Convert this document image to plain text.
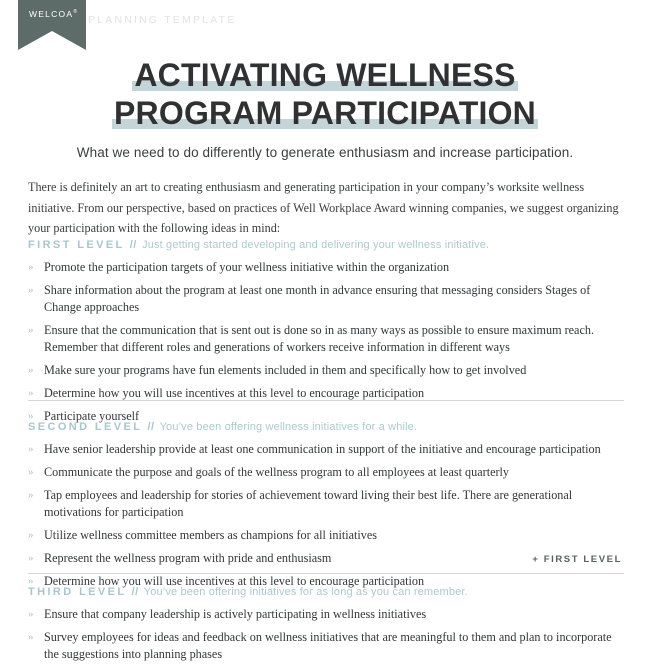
WELCOA®
PLANNING TEMPLATE
ACTIVATING WELLNESS

PROGRAM PARTICIPATION
What we need to do differently to generate enthusiasm and increase participation.
There is definitely an art to creating enthusiasm and generating participation in your company’s worksite wellness initiative. From our perspective, based on practices of Well Workplace Award winning companies, we suggest organizing your participation with the following ideas in mind:
FIRST LEVEL // Just getting started developing and delivering your wellness initiative.
» Promote the participation targets of your wellness initiative within the organization
» Share information about the program at least one month in advance ensuring that messaging considers Stages of Change approaches
» Ensure that the communication that is sent out is done so in as many ways as possible to ensure maximum reach. Remember that different roles and generations of workers receive information in different ways
» Make sure your programs have fun elements included in them and specifically how to get involved
» Determine how you will use incentives at this level to encourage participation
» Participate yourself
SECOND LEVEL // You’ve been offering wellness initiatives for a while.
» Have senior leadership provide at least one communication in support of the initiative and encourage participation
» Communicate the purpose and goals of the wellness program to all employees at least quarterly
» Tap employees and leadership for stories of achievement toward living their best life. There are generational motivations for participation
» Utilize wellness committee members as champions for all initiatives
» Represent the wellness program with pride and enthusiasm
» Determine how you will use incentives at this level to encourage participation
THIRD LEVEL // You’ve been offering initiatives for as long as you can remember.
» Ensure that company leadership is actively participating in wellness initiatives
» Survey employees for ideas and feedback on wellness initiatives that are meaningful to them and plan to incorporate the suggestions into planning phases
+ FIRST LEVEL
